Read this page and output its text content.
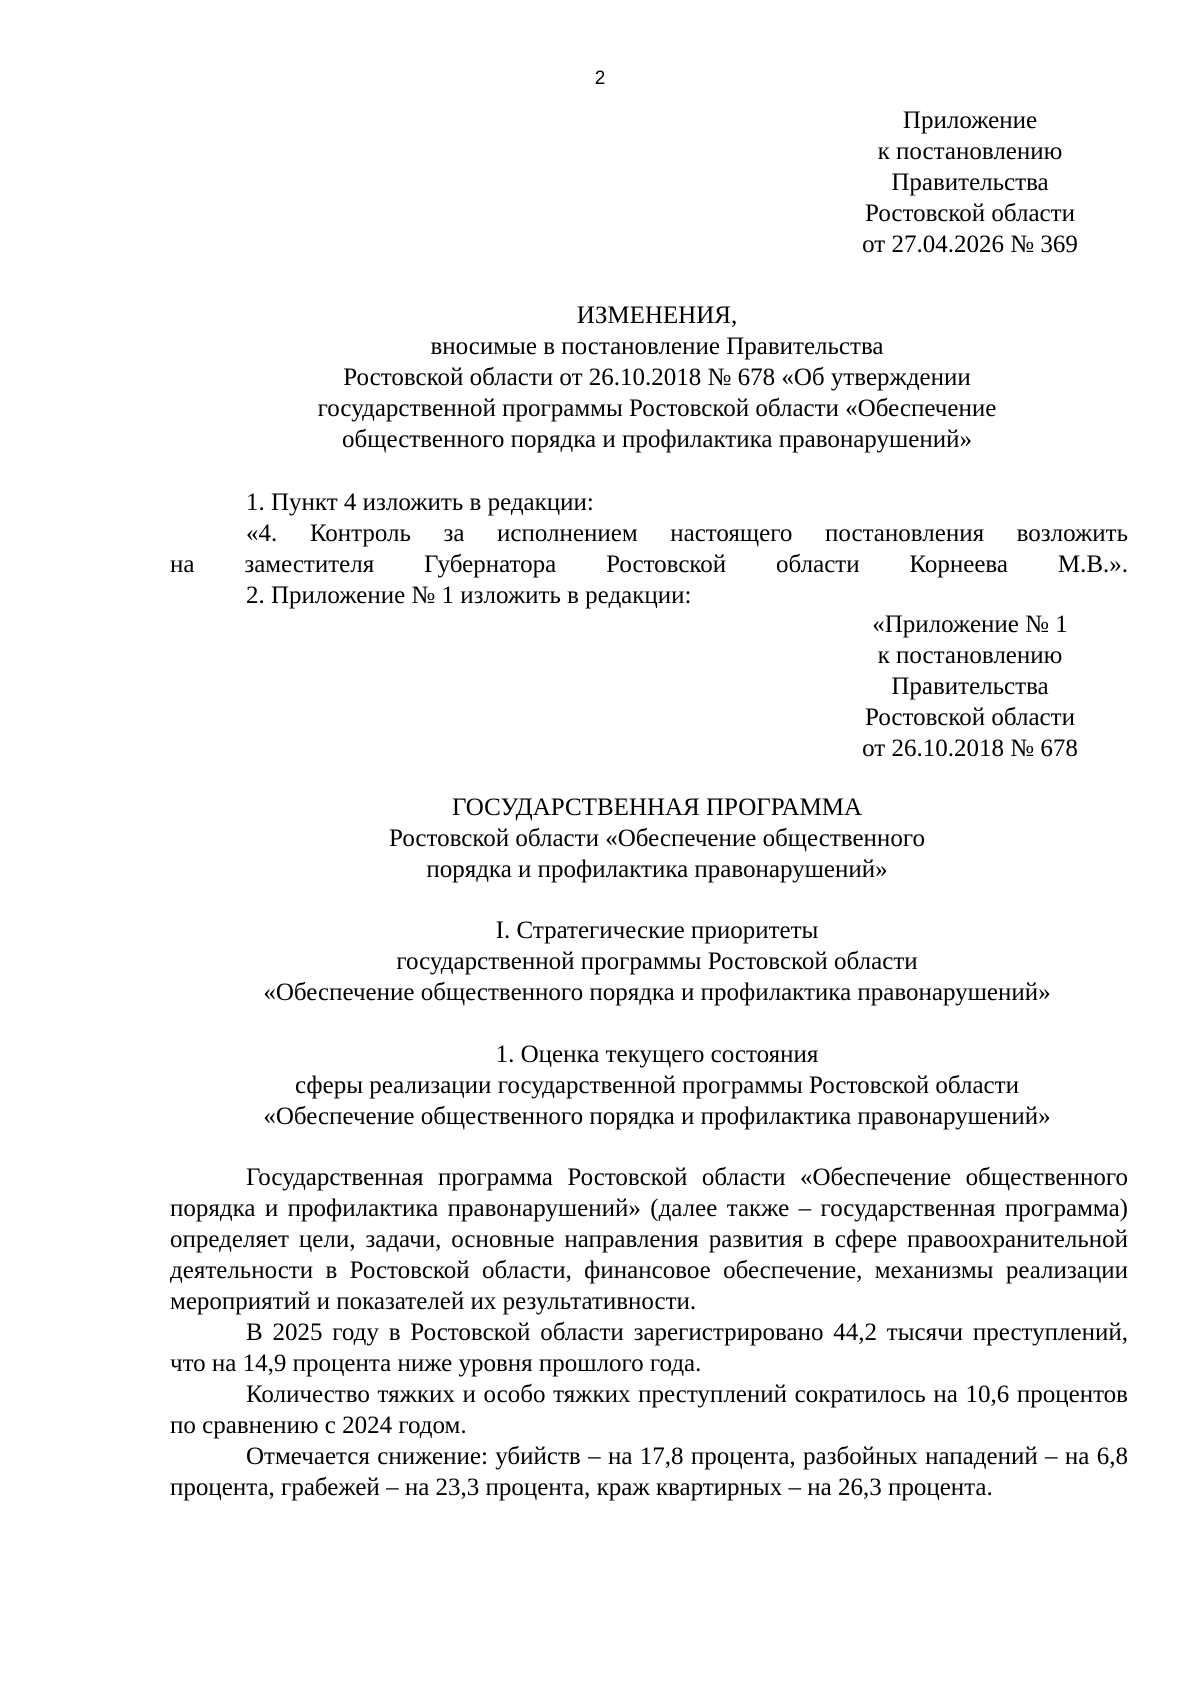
2
Приложение
к постановлению
Правительства
Ростовской области
от 27.04.2026 № 369
ИЗМЕНЕНИЯ,
вносимые в постановление Правительства
Ростовской области от 26.10.2018 № 678 «Об утверждении
государственной программы Ростовской области «Обеспечение
общественного порядка и профилактика правонарушений»
1. Пункт 4 изложить в редакции:
«4. Контроль за исполнением настоящего постановления возложить
на заместителя Губернатора Ростовской области Корнеева М.В.».
2. Приложение № 1 изложить в редакции:
«Приложение № 1
к постановлению
Правительства
Ростовской области
от 26.10.2018 № 678
ГОСУДАРСТВЕННАЯ ПРОГРАММА
Ростовской области «Обеспечение общественного
порядка и профилактика правонарушений»
I. Стратегические приоритеты
государственной программы Ростовской области
«Обеспечение общественного порядка и профилактика правонарушений»
1. Оценка текущего состояния
сферы реализации государственной программы Ростовской области
«Обеспечение общественного порядка и профилактика правонарушений»

Государственная программа Ростовской области «Обеспечение общественного порядка и профилактика правонарушений» (далее также – государственная программа) определяет цели, задачи, основные направления развития в сфере правоохранительной деятельности в Ростовской области, финансовое обеспечение, механизмы реализации мероприятий и показателей их результативности.

В 2025 году в Ростовской области зарегистрировано 44,2 тысячи преступлений, что на 14,9 процента ниже уровня прошлого года.

Количество тяжких и особо тяжких преступлений сократилось на 10,6 процентов по сравнению с 2024 годом.

Отмечается снижение: убийств – на 17,8 процента, разбойных нападений – на 6,8 процента, грабежей – на 23,3 процента, краж квартирных – на 26,3 процента.
